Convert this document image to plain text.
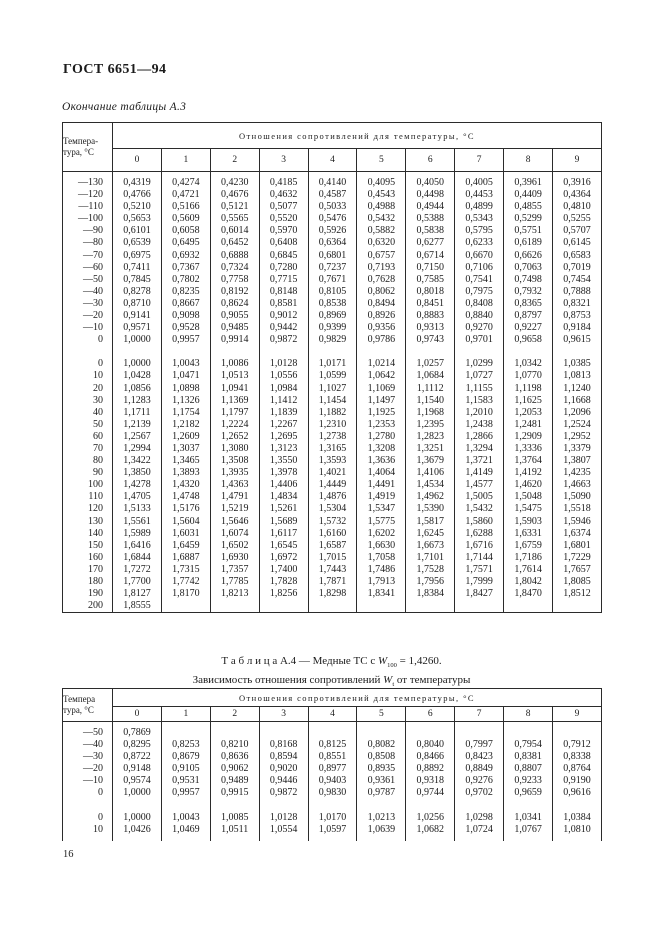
ГОСТ 6651—94
Окончание таблицы А.3
Темпера-
тура, °С	Отношения сопротивлений для температуры, °С									
	0	1	2	3	4	5	6	7	8	9

—130	0,4319	0,4274	0,4230	0,4185	0,4140	0,4095	0,4050	0,4005	0,3961	0,3916
—120	0,4766	0,4721	0,4676	0,4632	0,4587	0,4543	0,4498	0,4453	0,4409	0,4364
—110	0,5210	0,5166	0,5121	0,5077	0,5033	0,4988	0,4944	0,4899	0,4855	0,4810
—100	0,5653	0,5609	0,5565	0,5520	0,5476	0,5432	0,5388	0,5343	0,5299	0,5255
—90	0,6101	0,6058	0,6014	0,5970	0,5926	0,5882	0,5838	0,5795	0,5751	0,5707
—80	0,6539	0,6495	0,6452	0,6408	0,6364	0,6320	0,6277	0,6233	0,6189	0,6145
—70	0,6975	0,6932	0,6888	0,6845	0,6801	0,6757	0,6714	0,6670	0,6626	0,6583
—60	0,7411	0,7367	0,7324	0,7280	0,7237	0,7193	0,7150	0,7106	0,7063	0,7019
—50	0,7845	0,7802	0,7758	0,7715	0,7671	0,7628	0,7585	0,7541	0,7498	0,7454
—40	0,8278	0,8235	0,8192	0,8148	0,8105	0,8062	0,8018	0,7975	0,7932	0,7888
—30	0,8710	0,8667	0,8624	0,8581	0,8538	0,8494	0,8451	0,8408	0,8365	0,8321
—20	0,9141	0,9098	0,9055	0,9012	0,8969	0,8926	0,8883	0,8840	0,8797	0,8753
—10	0,9571	0,9528	0,9485	0,9442	0,9399	0,9356	0,9313	0,9270	0,9227	0,9184
0	1,0000	0,9957	0,9914	0,9872	0,9829	0,9786	0,9743	0,9701	0,9658	0,9615

0	1,0000	1,0043	1,0086	1,0128	1,0171	1,0214	1,0257	1,0299	1,0342	1,0385
10	1,0428	1,0471	1,0513	1,0556	1,0599	1,0642	1,0684	1,0727	1,0770	1,0813
20	1,0856	1,0898	1,0941	1,0984	1,1027	1,1069	1,1112	1,1155	1,1198	1,1240
30	1,1283	1,1326	1,1369	1,1412	1,1454	1,1497	1,1540	1,1583	1,1625	1,1668
40	1,1711	1,1754	1,1797	1,1839	1,1882	1,1925	1,1968	1,2010	1,2053	1,2096
50	1,2139	1,2182	1,2224	1,2267	1,2310	1,2353	1,2395	1,2438	1,2481	1,2524
60	1,2567	1,2609	1,2652	1,2695	1,2738	1,2780	1,2823	1,2866	1,2909	1,2952
70	1,2994	1,3037	1,3080	1,3123	1,3165	1,3208	1,3251	1,3294	1,3336	1,3379
80	1,3422	1,3465	1,3508	1,3550	1,3593	1,3636	1,3679	1,3721	1,3764	1,3807
90	1,3850	1,3893	1,3935	1,3978	1,4021	1,4064	1,4106	1,4149	1,4192	1,4235
100	1,4278	1,4320	1,4363	1,4406	1,4449	1,4491	1,4534	1,4577	1,4620	1,4663
110	1,4705	1,4748	1,4791	1,4834	1,4876	1,4919	1,4962	1,5005	1,5048	1,5090
120	1,5133	1,5176	1,5219	1,5261	1,5304	1,5347	1,5390	1,5432	1,5475	1,5518
130	1,5561	1,5604	1,5646	1,5689	1,5732	1,5775	1,5817	1,5860	1,5903	1,5946
140	1,5989	1,6031	1,6074	1,6117	1,6160	1,6202	1,6245	1,6288	1,6331	1,6374
150	1,6416	1,6459	1,6502	1,6545	1,6587	1,6630	1,6673	1,6716	1,6759	1,6801
160	1,6844	1,6887	1,6930	1,6972	1,7015	1,7058	1,7101	1,7144	1,7186	1,7229
170	1,7272	1,7315	1,7357	1,7400	1,7443	1,7486	1,7528	1,7571	1,7614	1,7657
180	1,7700	1,7742	1,7785	1,7828	1,7871	1,7913	1,7956	1,7999	1,8042	1,8085
190	1,8127	1,8170	1,8213	1,8256	1,8298	1,8341	1,8384	1,8427	1,8470	1,8512
200	1,8555									
Т а б л и ц а А.4 — Медные ТС с $W_{100} = 1,4260$.
Зависимость отношения сопротивлений $W_t$ от температуры
Темпера
тура, °С	Отношения сопротивлений для температуры, °С									
	0	1	2	3	4	5	6	7	8	9

—50	0,7869									
—40	0,8295	0,8253	0,8210	0,8168	0,8125	0,8082	0,8040	0,7997	0,7954	0,7912
—30	0,8722	0,8679	0,8636	0,8594	0,8551	0,8508	0,8466	0,8423	0,8381	0,8338
—20	0,9148	0,9105	0,9062	0,9020	0,8977	0,8935	0,8892	0,8849	0,8807	0,8764
—10	0,9574	0,9531	0,9489	0,9446	0,9403	0,9361	0,9318	0,9276	0,9233	0,9190
0	1,0000	0,9957	0,9915	0,9872	0,9830	0,9787	0,9744	0,9702	0,9659	0,9616

0	1,0000	1,0043	1,0085	1,0128	1,0170	1,0213	1,0256	1,0298	1,0341	1,0384
10	1,0426	1,0469	1,0511	1,0554	1,0597	1,0639	1,0682	1,0724	1,0767	1,0810

16
